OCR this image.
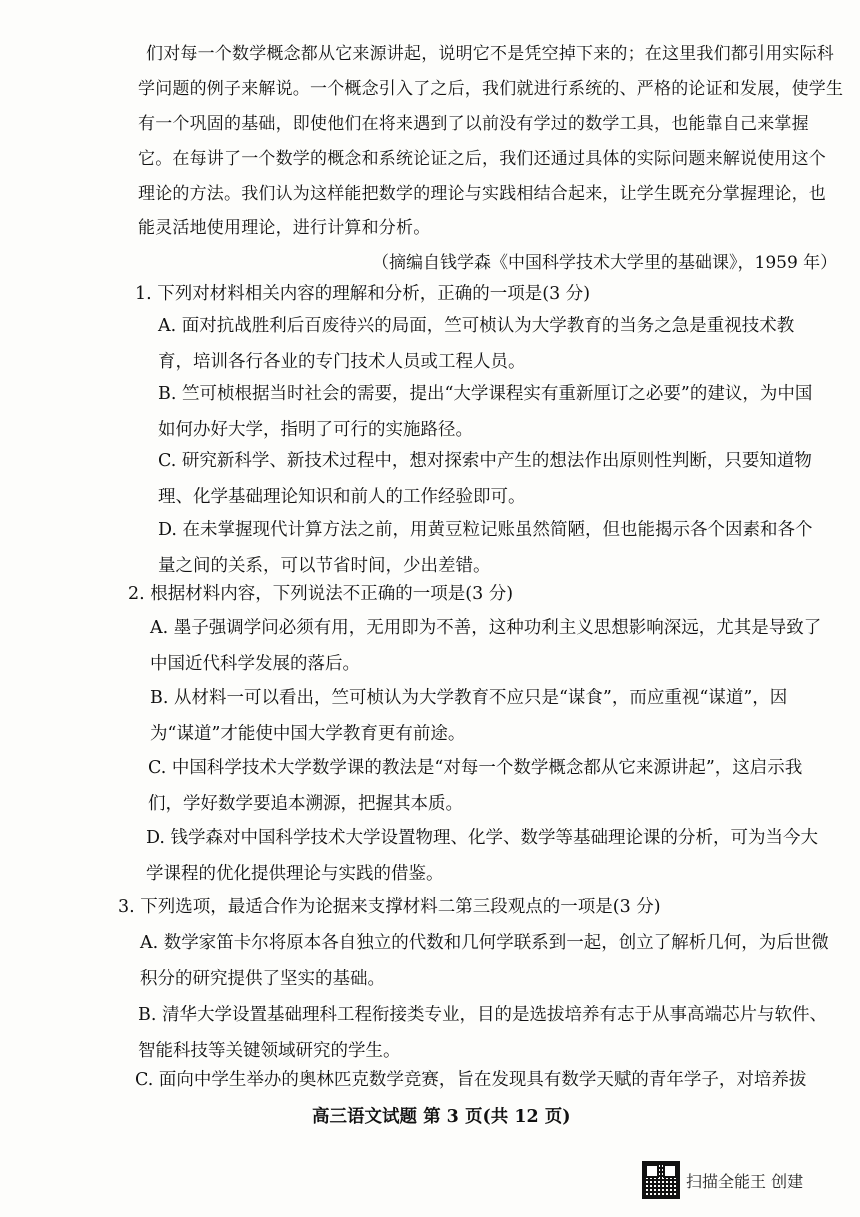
们对每一个数学概念都从它来源讲起，说明它不是凭空掉下来的；在这里我们都引用实际科
学问题的例子来解说。一个概念引入了之后，我们就进行系统的、严格的论证和发展，使学生
有一个巩固的基础，即使他们在将来遇到了以前没有学过的数学工具，也能靠自己来掌握
它。在每讲了一个数学的概念和系统论证之后，我们还通过具体的实际问题来解说使用这个
理论的方法。我们认为这样能把数学的理论与实践相结合起来，让学生既充分掌握理论，也
能灵活地使用理论，进行计算和分析。
（摘编自钱学森《中国科学技术大学里的基础课》，1959 年）
1. 下列对材料相关内容的理解和分析，正确的一项是(3 分)
A. 面对抗战胜利后百废待兴的局面，竺可桢认为大学教育的当务之急是重视技术教育，培训各行各业的专门技术人员或工程人员。
B. 竺可桢根据当时社会的需要，提出“大学课程实有重新厘订之必要”的建议，为中国如何办好大学，指明了可行的实施路径。
C. 研究新科学、新技术过程中，想对探索中产生的想法作出原则性判断，只要知道物理、化学基础理论知识和前人的工作经验即可。
D. 在未掌握现代计算方法之前，用黄豆粒记账虽然简陋，但也能揭示各个因素和各个量之间的关系，可以节省时间，少出差错。
2. 根据材料内容，下列说法不正确的一项是(3 分)
A. 墨子强调学问必须有用，无用即为不善，这种功利主义思想影响深远，尤其是导致了中国近代科学发展的落后。
B. 从材料一可以看出，竺可桢认为大学教育不应只是“谋食”，而应重视“谋道”，因为“谋道”才能使中国大学教育更有前途。
C. 中国科学技术大学数学课的教法是“对每一个数学概念都从它来源讲起”，这启示我们，学好数学要追本溯源，把握其本质。
D. 钱学森对中国科学技术大学设置物理、化学、数学等基础理论课的分析，可为当今大学课程的优化提供理论与实践的借鉴。
3. 下列选项，最适合作为论据来支撑材料二第三段观点的一项是(3 分)
A. 数学家笛卡尔将原本各自独立的代数和几何学联系到一起，创立了解析几何，为后世微积分的研究提供了坚实的基础。
B. 清华大学设置基础理科工程衔接类专业，目的是选拔培养有志于从事高端芯片与软件、智能科技等关键领域研究的学生。
C. 面向中学生举办的奥林匹克数学竞赛，旨在发现具有数学天赋的青年学子，对培养拔
高三语文试题 第 3 页(共 12 页)
扫描全能王 创建
